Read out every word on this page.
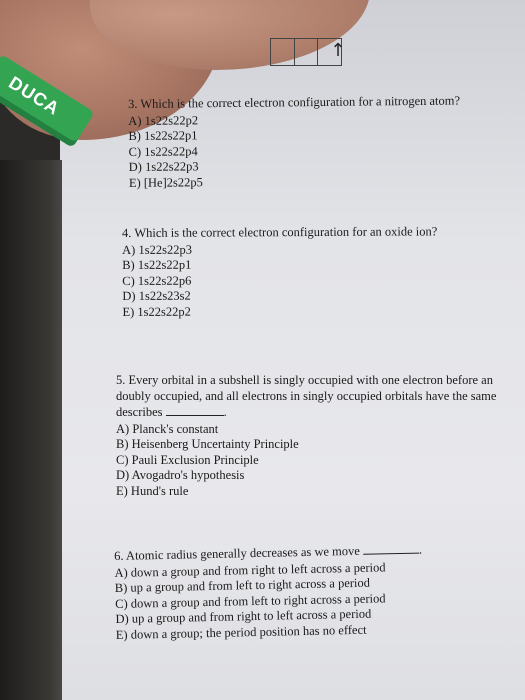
DUCA
↑
3. Which is the correct electron configuration for a nitrogen atom?
A) 1s22s22p2
B) 1s22s22p1
C) 1s22s22p4
D) 1s22s22p3
E) [He]2s22p5
4. Which is the correct electron configuration for an oxide ion?
A) 1s22s22p3
B) 1s22s22p1
C) 1s22s22p6
D) 1s22s23s2
E) 1s22s22p2
5. Every orbital in a subshell is singly occupied with one electron before an
doubly occupied, and all electrons in singly occupied orbitals have the same
describes	.
A) Planck's constant
B) Heisenberg Uncertainty Principle
C) Pauli Exclusion Principle
D) Avogadro's hypothesis
E) Hund's rule
6. Atomic radius generally decreases as we move	.
A) down a group and from right to left across a period
B) up a group and from left to right across a period
C) down a group and from left to right across a period
D) up a group and from right to left across a period
E) down a group; the period position has no effect
